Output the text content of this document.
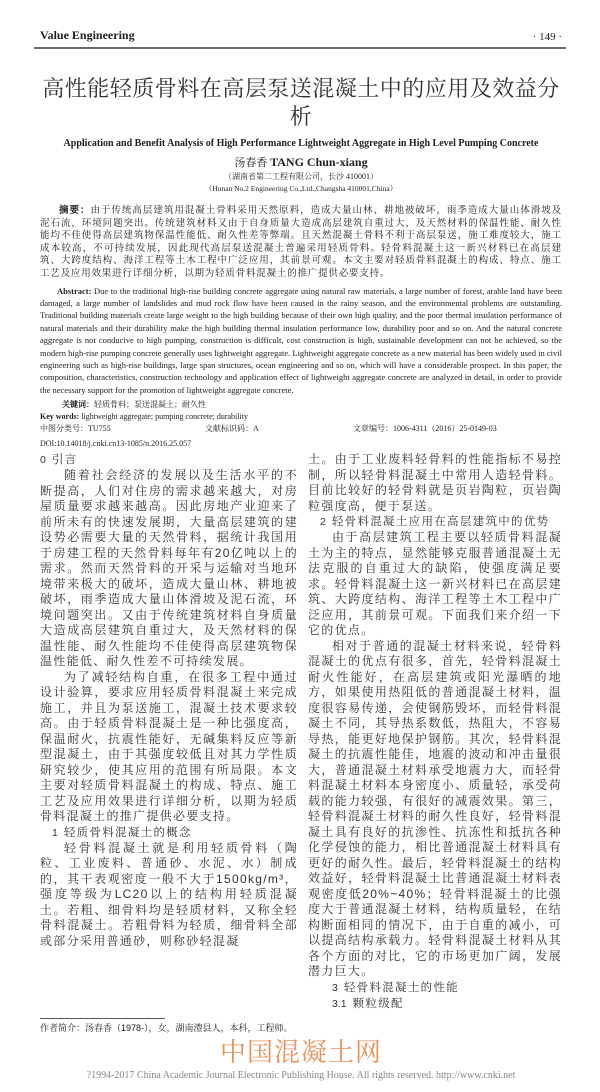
Value Engineering	· 149 ·
高性能轻质骨料在高层泵送混凝土中的应用及效益分析
Application and Benefit Analysis of High Performance Lightweight Aggregate in High Level Pumping Concrete
汤春香 TANG Chun-xiang
（湖南省第二工程有限公司，长沙 410001）
（Hunan No.2 Engineering Co.,Ltd.,Changsha 410001,China）
摘要：由于传统高层建筑用混凝土骨料采用天然原料，造成大量山林、耕地被破坏，雨季造成大量山体滑坡及泥石流，环境问题突出。传统建筑材料又由于自身质量大造成高层建筑自重过大，及天然材料的保温性能、耐久性能均不佳使得高层建筑物保温性能低、耐久性差等弊端。且天然混凝土骨料不利于高层泵送，施工难度较大，施工成本较高，不可持续发展，因此现代高层泵送混凝土普遍采用轻质骨料。轻骨料混凝土这一新兴材料已在高层建筑、大跨度结构、海洋工程等土木工程中广泛应用，其前景可观。本文主要对轻质骨料混凝土的构成、特点、施工工艺及应用效果进行详细分析，以期为轻质骨料混凝土的推广提供必要支持。
Abstract: Due to the traditional high-rise building concrete aggregate using natural raw materials, a large number of forest, arable land have been damaged, a large number of landslides and mud rock flow have been caused in the rainy season, and the environmental problems are outstanding. Traditional building materials create large weight to the high building because of their own high quality, and the poor thermal insulation performance of natural materials and their durability make the high building thermal insulation performance low, durability poor and so on. And the natural concrete aggregate is not conducive to high pumping, construction is difficult, cost construction is high, sustainable development can not be achieved, so the modern high-rise pumping concrete generally uses lightweight aggregate. Lightweight aggregate concrete as a new material has been widely used in civil engineering such as high-rise buildings, large span structures, ocean engineering and so on, which will have a considerable prospect. In this paper, the composition, characteristics, construction technology and application effect of lightweight aggregate concrete are analyzed in detail, in order to provide the necessary support for the promotion of lightweight aggregate concrete.
关键词：轻质骨料；泵送混凝土；耐久性
Key words: lightweight aggregate; pumping concrete; durability
中图分类号：TU755	文献标识码：A	文章编号：1006-4311（2016）25-0149-03
DOI:10.14018/j.cnki.cn13-1085/n.2016.25.057
0 引言

随着社会经济的发展以及生活水平的不断提高，人们对住房的需求越来越大，对房屋质量要求越来越高。因此房地产业迎来了前所未有的快速发展期，大量高层建筑的建设势必需要大量的天然骨料，据统计我国用于房建工程的天然骨料每年有20亿吨以上的需求。然而天然骨料的开采与运输对当地环境带来极大的破坏，造成大量山林、耕地被破坏，雨季造成大量山体滑坡及泥石流，环境问题突出。又由于传统建筑材料自身质量大造成高层建筑自重过大，及天然材料的保温性能、耐久性能均不佳使得高层建筑物保温性能低、耐久性差不可持续发展。

为了减轻结构自重，在很多工程中通过设计验算，要求应用轻质骨料混凝土来完成施工，并且为泵送施工，混凝土技术要求较高。由于轻质骨料混凝土是一种比强度高，保温耐火，抗震性能好，无碱集料反应等新型混凝土，由于其强度较低且对其力学性质研究较少，使其应用的范围有所局限。本文主要对轻质骨料混凝土的构成、特点、施工工艺及应用效果进行详细分析，以期为轻质骨料混凝土的推广提供必要支持。

1 轻质骨料混凝土的概念

轻骨料混凝土就是利用轻质骨料（陶粒、工业废料、普通砂、水泥、水）制成的，其干表观密度一般不大于1500kg/m³，强度等级为LC20以上的结构用轻质混凝土。若粗、细骨料均是轻质材料，又称全轻骨料混凝土。若粗骨料为轻质，细骨料全部或部分采用普通砂，则称砂轻混凝

土。由于工业废料轻骨料的性能指标不易控制，所以轻骨料混凝土中常用人造轻骨料。目前比较好的轻骨料就是页岩陶粒，页岩陶粒强度高，便于泵送。

2 轻骨料混凝土应用在高层建筑中的优势

由于高层建筑工程主要以轻质骨料混凝土为主的特点，显然能够克服普通混凝土无法克服的自重过大的缺陷，使强度满足要求。轻骨料混凝土这一新兴材料已在高层建筑、大跨度结构、海洋工程等土木工程中广泛应用，其前景可观。下面我们来介绍一下它的优点。

相对于普通的混凝土材料来说，轻骨料混凝土的优点有很多，首先，轻骨料混凝土耐火性能好，在高层建筑或阳光瀑晒的地方，如果使用热阻低的普通混凝土材料，温度很容易传递，会使钢筋毁坏，而轻骨料混凝土不同，其导热系数低，热阻大，不容易导热，能更好地保护钢筋。其次，轻骨料混凝土的抗震性能佳，地震的波动和冲击量很大，普通混凝土材料承受地震力大，而轻骨料混凝土材料本身密度小、质量轻，承受荷载的能力较强，有很好的减震效果。第三，轻骨料混凝土材料的耐久性良好，轻骨料混凝土具有良好的抗渗性、抗冻性和抵抗各种化学侵蚀的能力，相比普通混凝土材料具有更好的耐久性。最后，轻骨料混凝土的结构效益好，轻骨料混凝土比普通混凝土材料表观密度低20%~40%；轻骨料混凝土的比强度大于普通混凝土材料，结构质量轻，在结构断面相同的情况下，由于自重的减小，可以提高结构承载力。轻骨料混凝土材料从其各个方面的对比，它的市场更加广阔，发展潜力巨大。

3 轻骨料混凝土的性能
3.1 颗粒级配
作者简介：汤春香（1978-），女，湖南澧县人，本科，工程师。
中国混凝土网
?1994-2017 China Academic Journal Electronic Publishing House. All rights reserved. http://www.cnki.net
